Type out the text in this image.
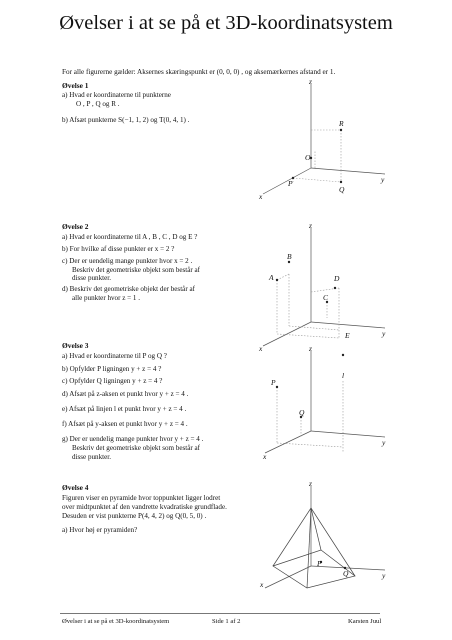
Øvelser i at se på et 3D-koordinatsystem
For alle figurerne gælder: Aksernes skæringspunkt er (0, 0, 0) , og aksemærkernes afstand er 1.
Øvelse 1
a) Hvad er koordinaterne til punkterne
O , P , Q og R .
b) Afsæt punkterne S(−1, 1, 2) og T(0, 4, 1) .
z
y
x
O
P
Q
R
Øvelse 2
a) Hvad er koordinaterne til A , B , C , D og E ?
b) For hvilke af disse punkter er x = 2 ?
c) Der er uendelig mange punkter hvor x = 2 .
Beskriv det geometriske objekt som består af
disse punkter.
d) Beskriv det geometriske objekt der består af
alle punkter hvor z = 1 .
z
y
x
A
B
C
D
E
Øvelse 3
a) Hvad er koordinaterne til P og Q ?
b) Opfylder P ligningen y + z = 4 ?
c) Opfylder Q ligningen y + z = 4 ?
d) Afsæt på z-aksen et punkt hvor y + z = 4 .
e) Afsæt på linjen l et punkt hvor y + z = 4 .
f) Afsæt på y-aksen et punkt hvor y + z = 4 .
g) Der er uendelig mange punkter hvor y + z = 4 .
Beskriv det geometriske objekt som består af
disse punkter.
z
y
x
P
Q
l
Øvelse 4
Figuren viser en pyramide hvor toppunktet ligger lodret
over midtpunktet af den vandrette kvadratiske grundflade.
Desuden er vist punkterne P(4, 4, 2) og Q(0, 5, 0) .
a) Hvor høj er pyramiden?
z
y
x
P
Q
Øvelser i at se på et 3D-koordinatsystem	Side 1 af 2	Karsten Juul
